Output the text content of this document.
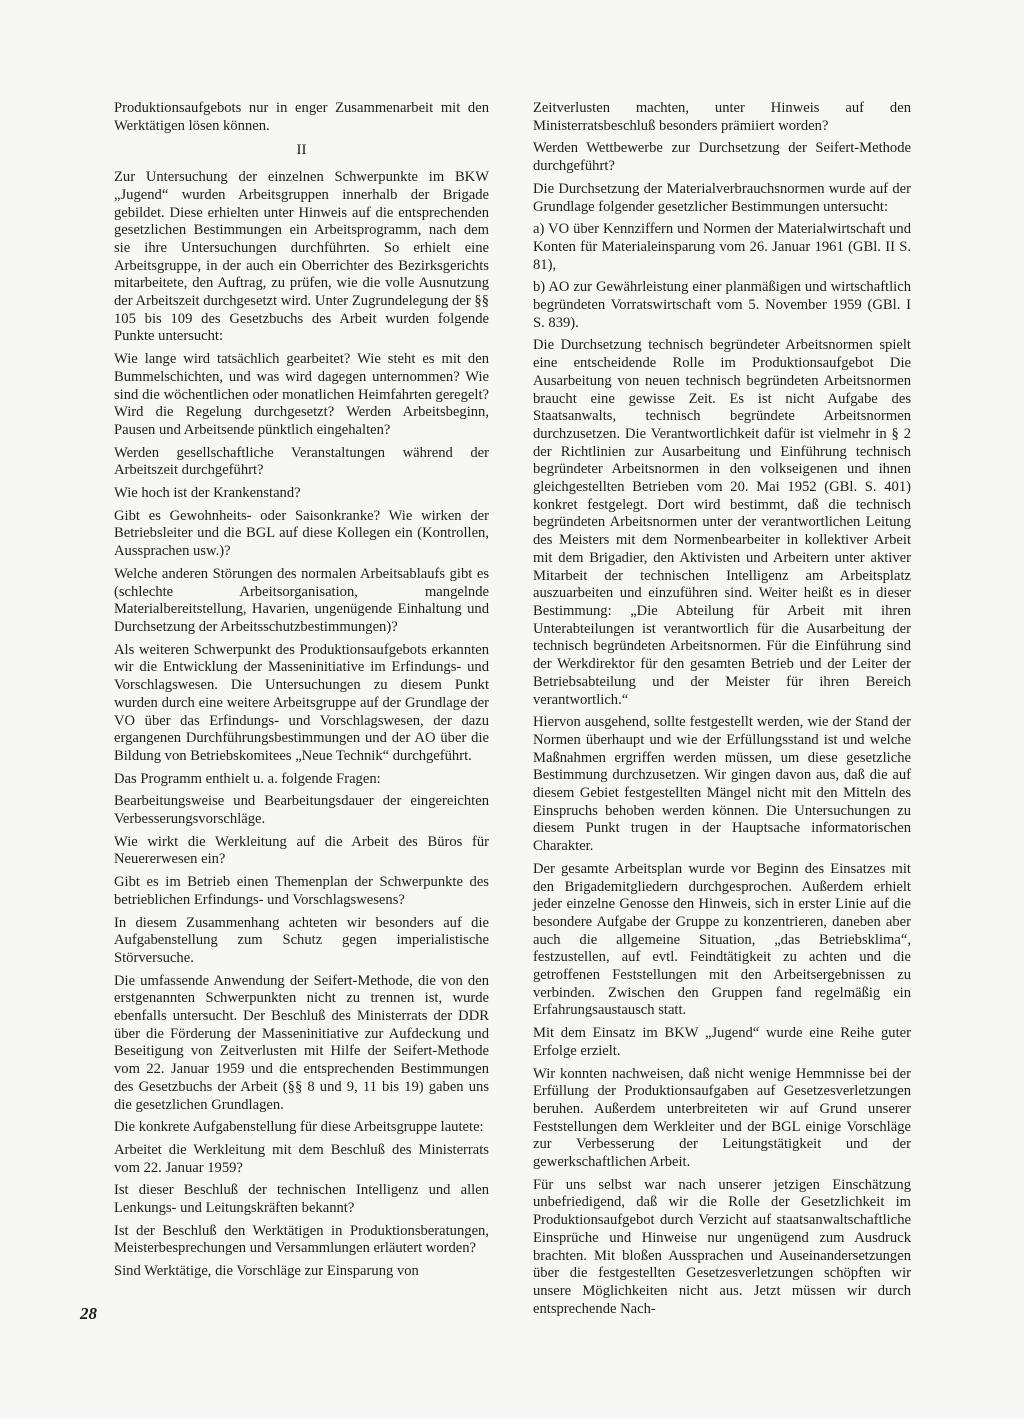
Produktionsaufgebots nur in enger Zusammenarbeit mit den Werktätigen lösen können.

II

Zur Untersuchung der einzelnen Schwerpunkte im BKW „Jugend“ wurden Arbeitsgruppen innerhalb der Brigade gebildet. Diese erhielten unter Hinweis auf die entsprechenden gesetzlichen Bestimmungen ein Arbeitsprogramm, nach dem sie ihre Untersuchungen durchführten. So erhielt eine Arbeitsgruppe, in der auch ein Oberrichter des Bezirksgerichts mitarbeitete, den Auftrag, zu prüfen, wie die volle Ausnutzung der Arbeitszeit durchgesetzt wird. Unter Zugrundelegung der §§ 105 bis 109 des Gesetzbuchs des Arbeit wurden folgende Punkte untersucht:

Wie lange wird tatsächlich gearbeitet? Wie steht es mit den Bummelschichten, und was wird dagegen unternommen? Wie sind die wöchentlichen oder monatlichen Heimfahrten geregelt? Wird die Regelung durchgesetzt? Werden Arbeitsbeginn, Pausen und Arbeitsende pünktlich eingehalten?

Werden gesellschaftliche Veranstaltungen während der Arbeitszeit durchgeführt?

Wie hoch ist der Krankenstand?

Gibt es Gewohnheits- oder Saisonkranke? Wie wirken der Betriebsleiter und die BGL auf diese Kollegen ein (Kontrollen, Aussprachen usw.)?

Welche anderen Störungen des normalen Arbeitsablaufs gibt es (schlechte Arbeitsorganisation, mangelnde Materialbereitstellung, Havarien, ungenügende Einhaltung und Durchsetzung der Arbeitsschutzbestimmungen)?

Als weiteren Schwerpunkt des Produktionsaufgebots erkannten wir die Entwicklung der Masseninitiative im Erfindungs- und Vorschlagswesen. Die Untersuchungen zu diesem Punkt wurden durch eine weitere Arbeitsgruppe auf der Grundlage der VO über das Erfindungs- und Vorschlagswesen, der dazu ergangenen Durchführungsbestimmungen und der AO über die Bildung von Betriebskomitees „Neue Technik“ durchgeführt.

Das Programm enthielt u. a. folgende Fragen:

Bearbeitungsweise und Bearbeitungsdauer der eingereichten Verbesserungsvorschläge.

Wie wirkt die Werkleitung auf die Arbeit des Büros für Neuererwesen ein?

Gibt es im Betrieb einen Themenplan der Schwerpunkte des betrieblichen Erfindungs- und Vorschlagswesens?

In diesem Zusammenhang achteten wir besonders auf die Aufgabenstellung zum Schutz gegen imperialistische Störversuche.

Die umfassende Anwendung der Seifert-Methode, die von den erstgenannten Schwerpunkten nicht zu trennen ist, wurde ebenfalls untersucht. Der Beschluß des Ministerrats der DDR über die Förderung der Masseninitiative zur Aufdeckung und Beseitigung von Zeitverlusten mit Hilfe der Seifert-Methode vom 22. Januar 1959 und die entsprechenden Bestimmungen des Gesetzbuchs der Arbeit (§§ 8 und 9, 11 bis 19) gaben uns die gesetzlichen Grundlagen.

Die konkrete Aufgabenstellung für diese Arbeitsgruppe lautete:

Arbeitet die Werkleitung mit dem Beschluß des Ministerrats vom 22. Januar 1959?

Ist dieser Beschluß der technischen Intelligenz und allen Lenkungs- und Leitungskräften bekannt?

Ist der Beschluß den Werktätigen in Produktionsberatungen, Meisterbesprechungen und Versammlungen erläutert worden?

Sind Werktätige, die Vorschläge zur Einsparung von

Zeitverlusten machten, unter Hinweis auf den Ministerratsbeschluß besonders prämiiert worden?

Werden Wettbewerbe zur Durchsetzung der Seifert-Methode durchgeführt?

Die Durchsetzung der Materialverbrauchsnormen wurde auf der Grundlage folgender gesetzlicher Bestimmungen untersucht:

a) VO über Kennziffern und Normen der Materialwirtschaft und Konten für Materialeinsparung vom 26. Januar 1961 (GBl. II S. 81),

b) AO zur Gewährleistung einer planmäßigen und wirtschaftlich begründeten Vorratswirtschaft vom 5. November 1959 (GBl. I S. 839).

Die Durchsetzung technisch begründeter Arbeitsnormen spielt eine entscheidende Rolle im Produktionsaufgebot Die Ausarbeitung von neuen technisch begründeten Arbeitsnormen braucht eine gewisse Zeit. Es ist nicht Aufgabe des Staatsanwalts, technisch begründete Arbeitsnormen durchzusetzen. Die Verantwortlichkeit dafür ist vielmehr in § 2 der Richtlinien zur Ausarbeitung und Einführung technisch begründeter Arbeitsnormen in den volkseigenen und ihnen gleichgestellten Betrieben vom 20. Mai 1952 (GBl. S. 401) konkret festgelegt. Dort wird bestimmt, daß die technisch begründeten Arbeitsnormen unter der verantwortlichen Leitung des Meisters mit dem Normenbearbeiter in kollektiver Arbeit mit dem Brigadier, den Aktivisten und Arbeitern unter aktiver Mitarbeit der technischen Intelligenz am Arbeitsplatz auszuarbeiten und einzuführen sind. Weiter heißt es in dieser Bestimmung: „Die Abteilung für Arbeit mit ihren Unterabteilungen ist verantwortlich für die Ausarbeitung der technisch begründeten Arbeitsnormen. Für die Einführung sind der Werkdirektor für den gesamten Betrieb und der Leiter der Betriebsabteilung und der Meister für ihren Bereich verantwortlich.“

Hiervon ausgehend, sollte festgestellt werden, wie der Stand der Normen überhaupt und wie der Erfüllungsstand ist und welche Maßnahmen ergriffen werden müssen, um diese gesetzliche Bestimmung durchzusetzen. Wir gingen davon aus, daß die auf diesem Gebiet festgestellten Mängel nicht mit den Mitteln des Einspruchs behoben werden können. Die Untersuchungen zu diesem Punkt trugen in der Hauptsache informatorischen Charakter.

Der gesamte Arbeitsplan wurde vor Beginn des Einsatzes mit den Brigademitgliedern durchgesprochen. Außerdem erhielt jeder einzelne Genosse den Hinweis, sich in erster Linie auf die besondere Aufgabe der Gruppe zu konzentrieren, daneben aber auch die allgemeine Situation, „das Betriebsklima“, festzustellen, auf evtl. Feindtätigkeit zu achten und die getroffenen Feststellungen mit den Arbeitsergebnissen zu verbinden. Zwischen den Gruppen fand regelmäßig ein Erfahrungsaustausch statt.

Mit dem Einsatz im BKW „Jugend“ wurde eine Reihe guter Erfolge erzielt.

Wir konnten nachweisen, daß nicht wenige Hemmnisse bei der Erfüllung der Produktionsaufgaben auf Gesetzesverletzungen beruhen. Außerdem unterbreiteten wir auf Grund unserer Feststellungen dem Werkleiter und der BGL einige Vorschläge zur Verbesserung der Leitungstätigkeit und der gewerkschaftlichen Arbeit.

Für uns selbst war nach unserer jetzigen Einschätzung unbefriedigend, daß wir die Rolle der Gesetzlichkeit im Produktionsaufgebot durch Verzicht auf staatsanwaltschaftliche Einsprüche und Hinweise nur ungenügend zum Ausdruck brachten. Mit bloßen Aussprachen und Auseinandersetzungen über die festgestellten Gesetzesverletzungen schöpften wir unsere Möglichkeiten nicht aus. Jetzt müssen wir durch entsprechende Nach-

28
